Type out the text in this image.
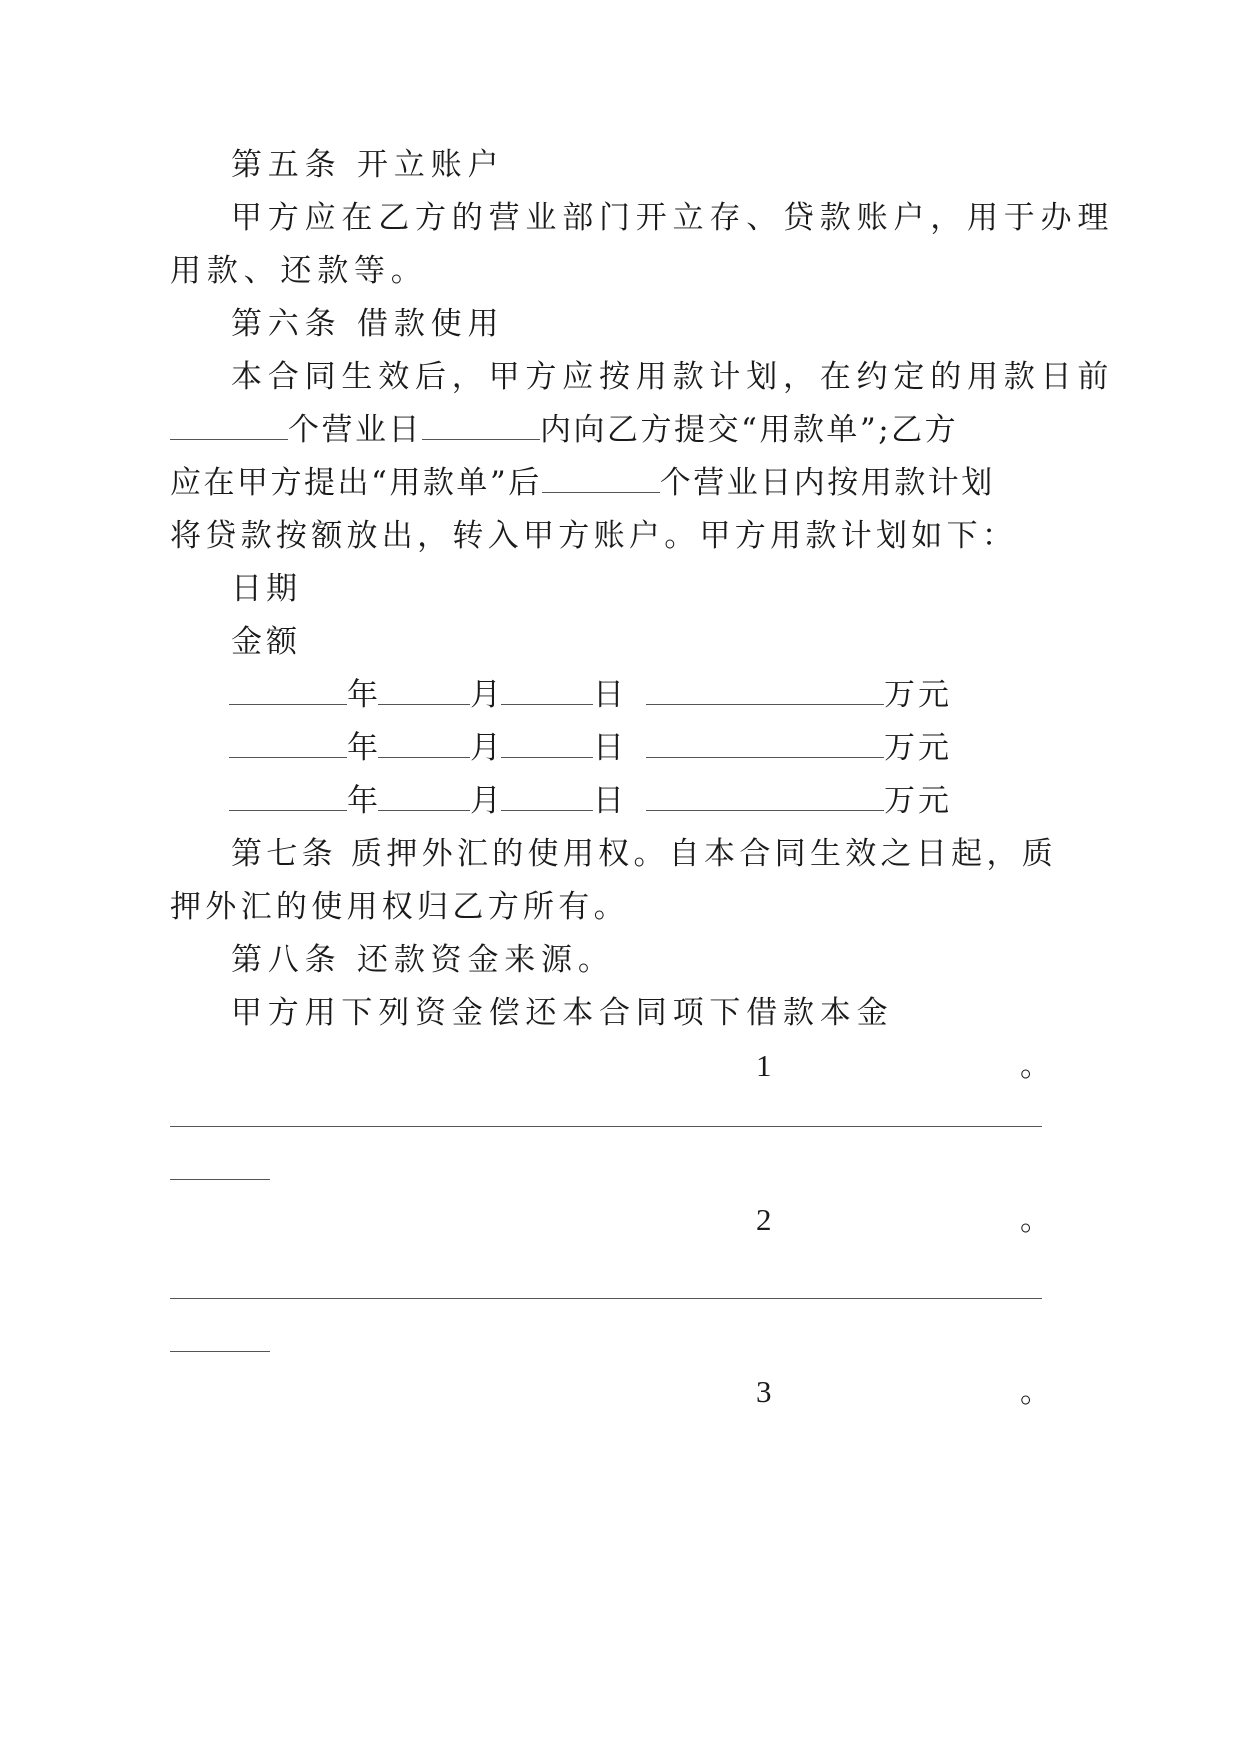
第五条 开立账户
甲方应在乙方的营业部门开立存、贷款账户，用于办理
用款、还款等。
第六条 借款使用
本合同生效后，甲方应按用款计划，在约定的用款日前
个营业日	内向乙方提交“用款单”;乙方
应在甲方提出“用款单”后	个营业日内按用款计划
将贷款按额放出，转入甲方账户。甲方用款计划如下：
日期
金额
年	月	日	万元
年	月	日	万元
年	月	日	万元
第七条 质押外汇的使用权。自本合同生效之日起，质
押外汇的使用权归乙方所有。
第八条 还款资金来源。
甲方用下列资金偿还本合同项下借款本金
1	。
2	。
3	。
